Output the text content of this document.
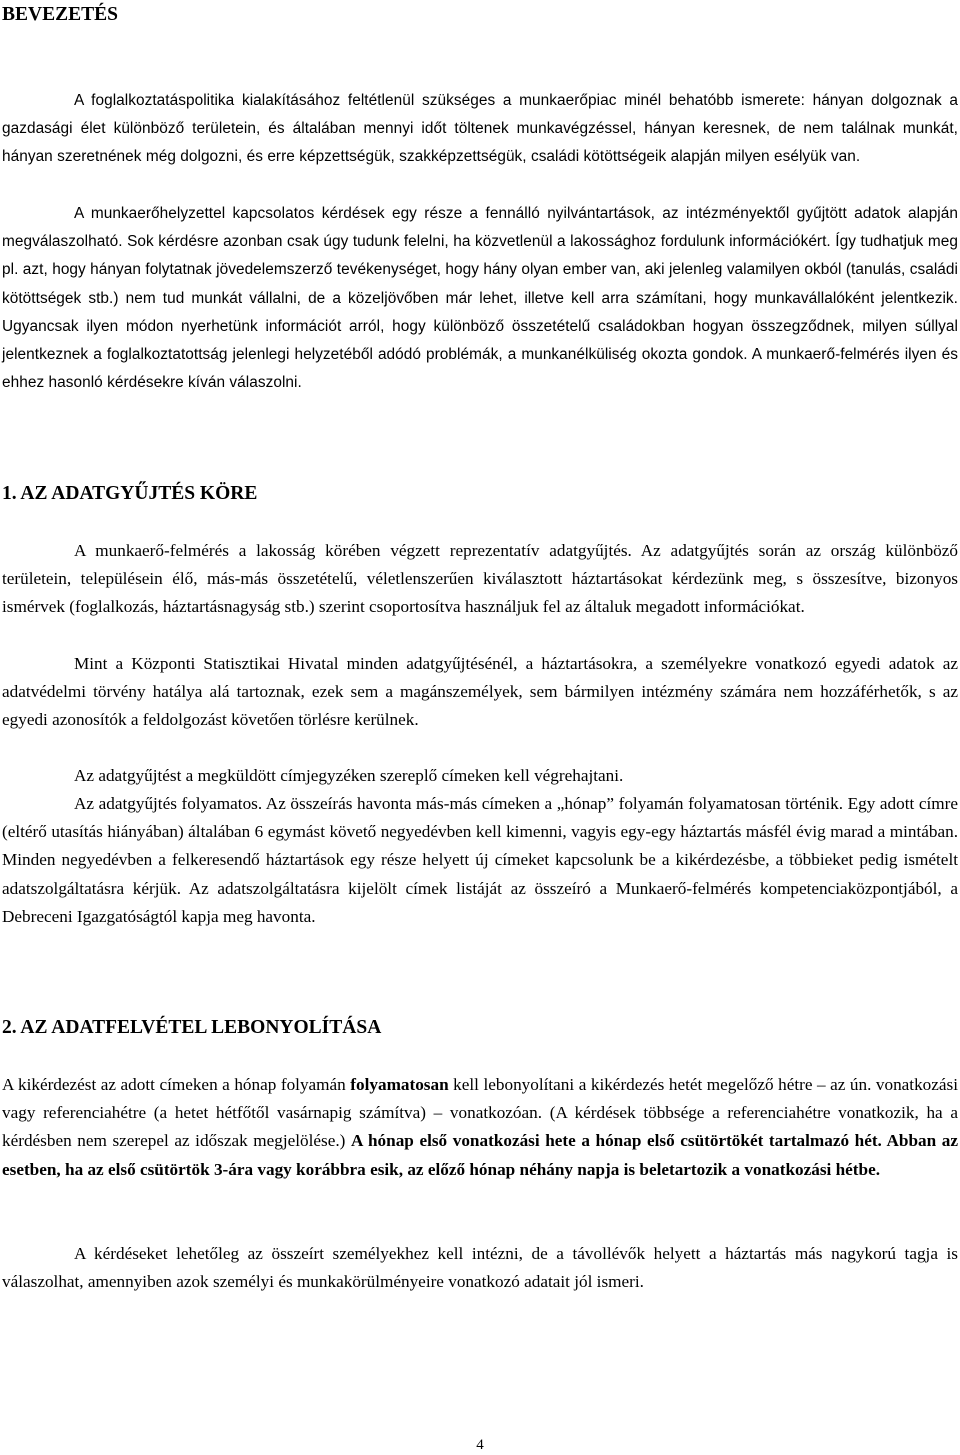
BEVEZETÉS

A foglalkoztatáspolitika kialakításához feltétlenül szükséges a munkaerőpiac minél behatóbb ismerete: hányan dolgoznak a gazdasági élet különböző területein, és általában mennyi időt töltenek munkavégzéssel, hányan keresnek, de nem találnak munkát, hányan szeretnének még dolgozni, és erre képzettségük, szakképzettségük, családi kötöttségeik alapján milyen esélyük van.

A munkaerőhelyzettel kapcsolatos kérdések egy része a fennálló nyilvántartások, az intézményektől gyűjtött adatok alapján megválaszolható. Sok kérdésre azonban csak úgy tudunk felelni, ha közvetlenül a lakossághoz fordulunk információkért. Így tudhatjuk meg pl. azt, hogy hányan folytatnak jövedelemszerző tevékenységet, hogy hány olyan ember van, aki jelenleg valamilyen okból (tanulás, családi kötöttségek stb.) nem tud munkát vállalni, de a közeljövőben már lehet, illetve kell arra számítani, hogy munkavállalóként jelentkezik. Ugyancsak ilyen módon nyerhetünk információt arról, hogy különböző összetételű családokban hogyan összegződnek, milyen súllyal jelentkeznek a foglalkoztatottság jelenlegi helyzetéből adódó problémák, a munkanélküliség okozta gondok. A munkaerő-felmérés ilyen és ehhez hasonló kérdésekre kíván válaszolni.

1. AZ ADATGYŰJTÉS KÖRE

A munkaerő-felmérés a lakosság körében végzett reprezentatív adatgyűjtés. Az adatgyűjtés során az ország különböző területein, településein élő, más-más összetételű, véletlenszerűen kiválasztott háztartásokat kérdezünk meg, s összesítve, bizonyos ismérvek (foglalkozás, háztartásnagyság stb.) szerint csoportosítva használjuk fel az általuk megadott információkat.

Mint a Központi Statisztikai Hivatal minden adatgyűjtésénél, a háztartásokra, a személyekre vonatkozó egyedi adatok az adatvédelmi törvény hatálya alá tartoznak, ezek sem a magánszemélyek, sem bármilyen intézmény számára nem hozzáférhetők, s az egyedi azonosítók a feldolgozást követően törlésre kerülnek.

Az adatgyűjtést a megküldött címjegyzéken szereplő címeken kell végrehajtani.

Az adatgyűjtés folyamatos. Az összeírás havonta más-más címeken a „hónap” folyamán folyamatosan történik. Egy adott címre (eltérő utasítás hiányában) általában 6 egymást követő negyedévben kell kimenni, vagyis egy-egy háztartás másfél évig marad a mintában. Minden negyedévben a felkeresendő háztartások egy része helyett új címeket kapcsolunk be a kikérdezésbe, a többieket pedig ismételt adatszolgáltatásra kérjük. Az adatszolgáltatásra kijelölt címek listáját az összeíró a Munkaerő-felmérés kompetenciaközpontjából, a Debreceni Igazgatóságtól kapja meg havonta.

2. AZ ADATFELVÉTEL LEBONYOLÍTÁSA

A kikérdezést az adott címeken a hónap folyamán folyamatosan kell lebonyolítani a kikérdezés hetét megelőző hétre – az ún. vonatkozási vagy referenciahétre (a hetet hétfőtől vasárnapig számítva) – vonatkozóan. (A kérdések többsége a referenciahétre vonatkozik, ha a kérdésben nem szerepel az időszak megjelölése.) A hónap első vonatkozási hete a hónap első csütörtökét tartalmazó hét. Abban az esetben, ha az első csütörtök 3-ára vagy korábbra esik, az előző hónap néhány napja is beletartozik a vonatkozási hétbe.

A kérdéseket lehetőleg az összeírt személyekhez kell intézni, de a távollévők helyett a háztartás más nagykorú tagja is válaszolhat, amennyiben azok személyi és munkakörülményeire vonatkozó adatait jól ismeri.

4
